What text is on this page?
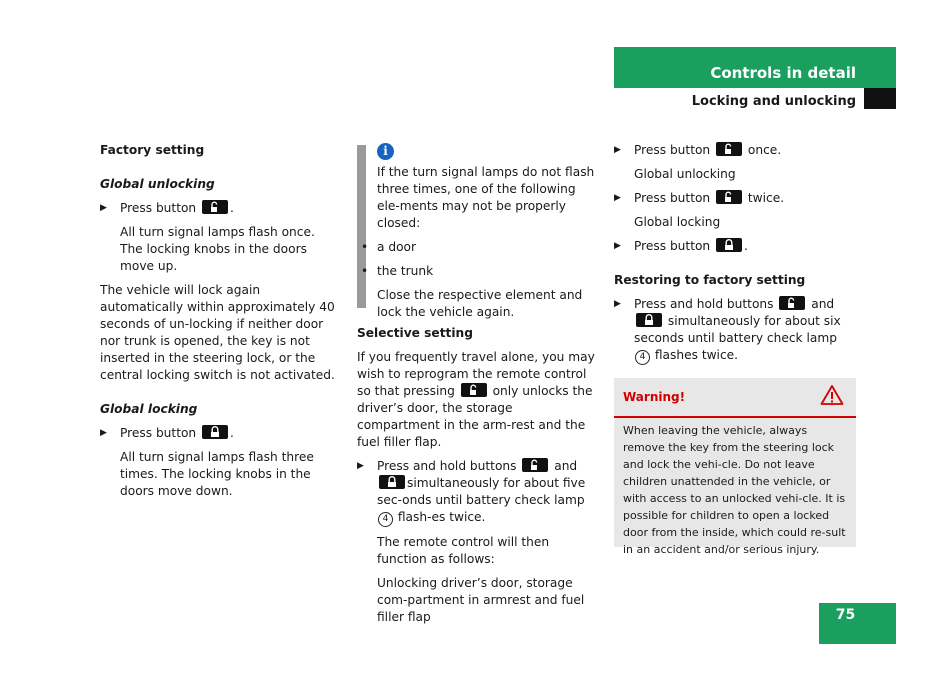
Controls in detail
Locking and unlocking
Factory setting
Global unlocking
▶ Press button	.
All turn signal lamps flash once. The locking knobs in the doors move up.
The vehicle will lock again automatically within approximately 40 seconds of un-locking if neither door nor trunk is opened, the key is not inserted in the steering lock, or the central locking switch is not activated.
Global locking
▶ Press button	.
All turn signal lamps flash three times. The locking knobs in the doors move down.
i
If the turn signal lamps do not flash three times, one of the following ele-ments may not be properly closed:
• a door
• the trunk
Close the respective element and lock the vehicle again.
Selective setting
If you frequently travel alone, you may wish to reprogram the remote control so that pressing	only unlocks the driver’s door, the storage compartment in the arm-rest and the fuel filler flap.
▶ Press and hold buttons	and
simultaneously for about five sec-onds until battery check lamp 4 flash-es twice.
The remote control will then function as follows:
Unlocking driver’s door, storage com-partment in armrest and fuel filler flap
▶ Press button	once.
Global unlocking
▶ Press button	twice.
Global locking
▶ Press button	.
Restoring to factory setting
▶ Press and hold buttons	and
simultaneously for about six seconds until battery check lamp 4 flashes twice.
Warning!
When leaving the vehicle, always remove the key from the steering lock and lock the vehi-cle. Do not leave children unattended in the vehicle, or with access to an unlocked vehi-cle. It is possible for children to open a locked door from the inside, which could re-sult in an accident and/or serious injury.
75
